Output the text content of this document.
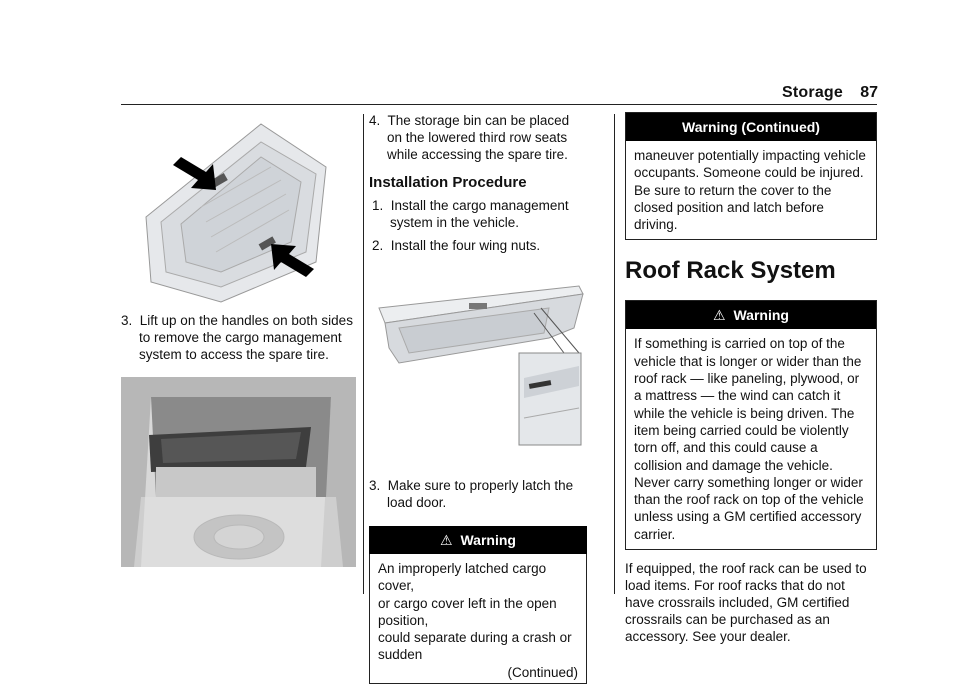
Storage 87

3. Lift up on the handles on both sides to remove the cargo management system to access the spare tire.

4. The storage bin can be placed on the lowered third row seats while accessing the spare tire.

Installation Procedure

1. Install the cargo management system in the vehicle.

2. Install the four wing nuts.

3. Make sure to properly latch the load door.

⚠ Warning
An improperly latched cargo cover,
or cargo cover left in the open position,
could separate during a crash or sudden
(Continued)
Warning (Continued)
maneuver potentially impacting vehicle occupants. Someone could be injured. Be sure to return the cover to the closed position and latch before driving.
Roof Rack System
⚠ Warning
If something is carried on top of the vehicle that is longer or wider than the roof rack — like paneling, plywood, or a mattress — the wind can catch it while the vehicle is being driven. The item being carried could be violently torn off, and this could cause a collision and damage the vehicle. Never carry something longer or wider than the roof rack on top of the vehicle unless using a GM certified accessory carrier.

If equipped, the roof rack can be used to load items. For roof racks that do not have crossrails included, GM certified crossrails can be purchased as an accessory. See your dealer.
